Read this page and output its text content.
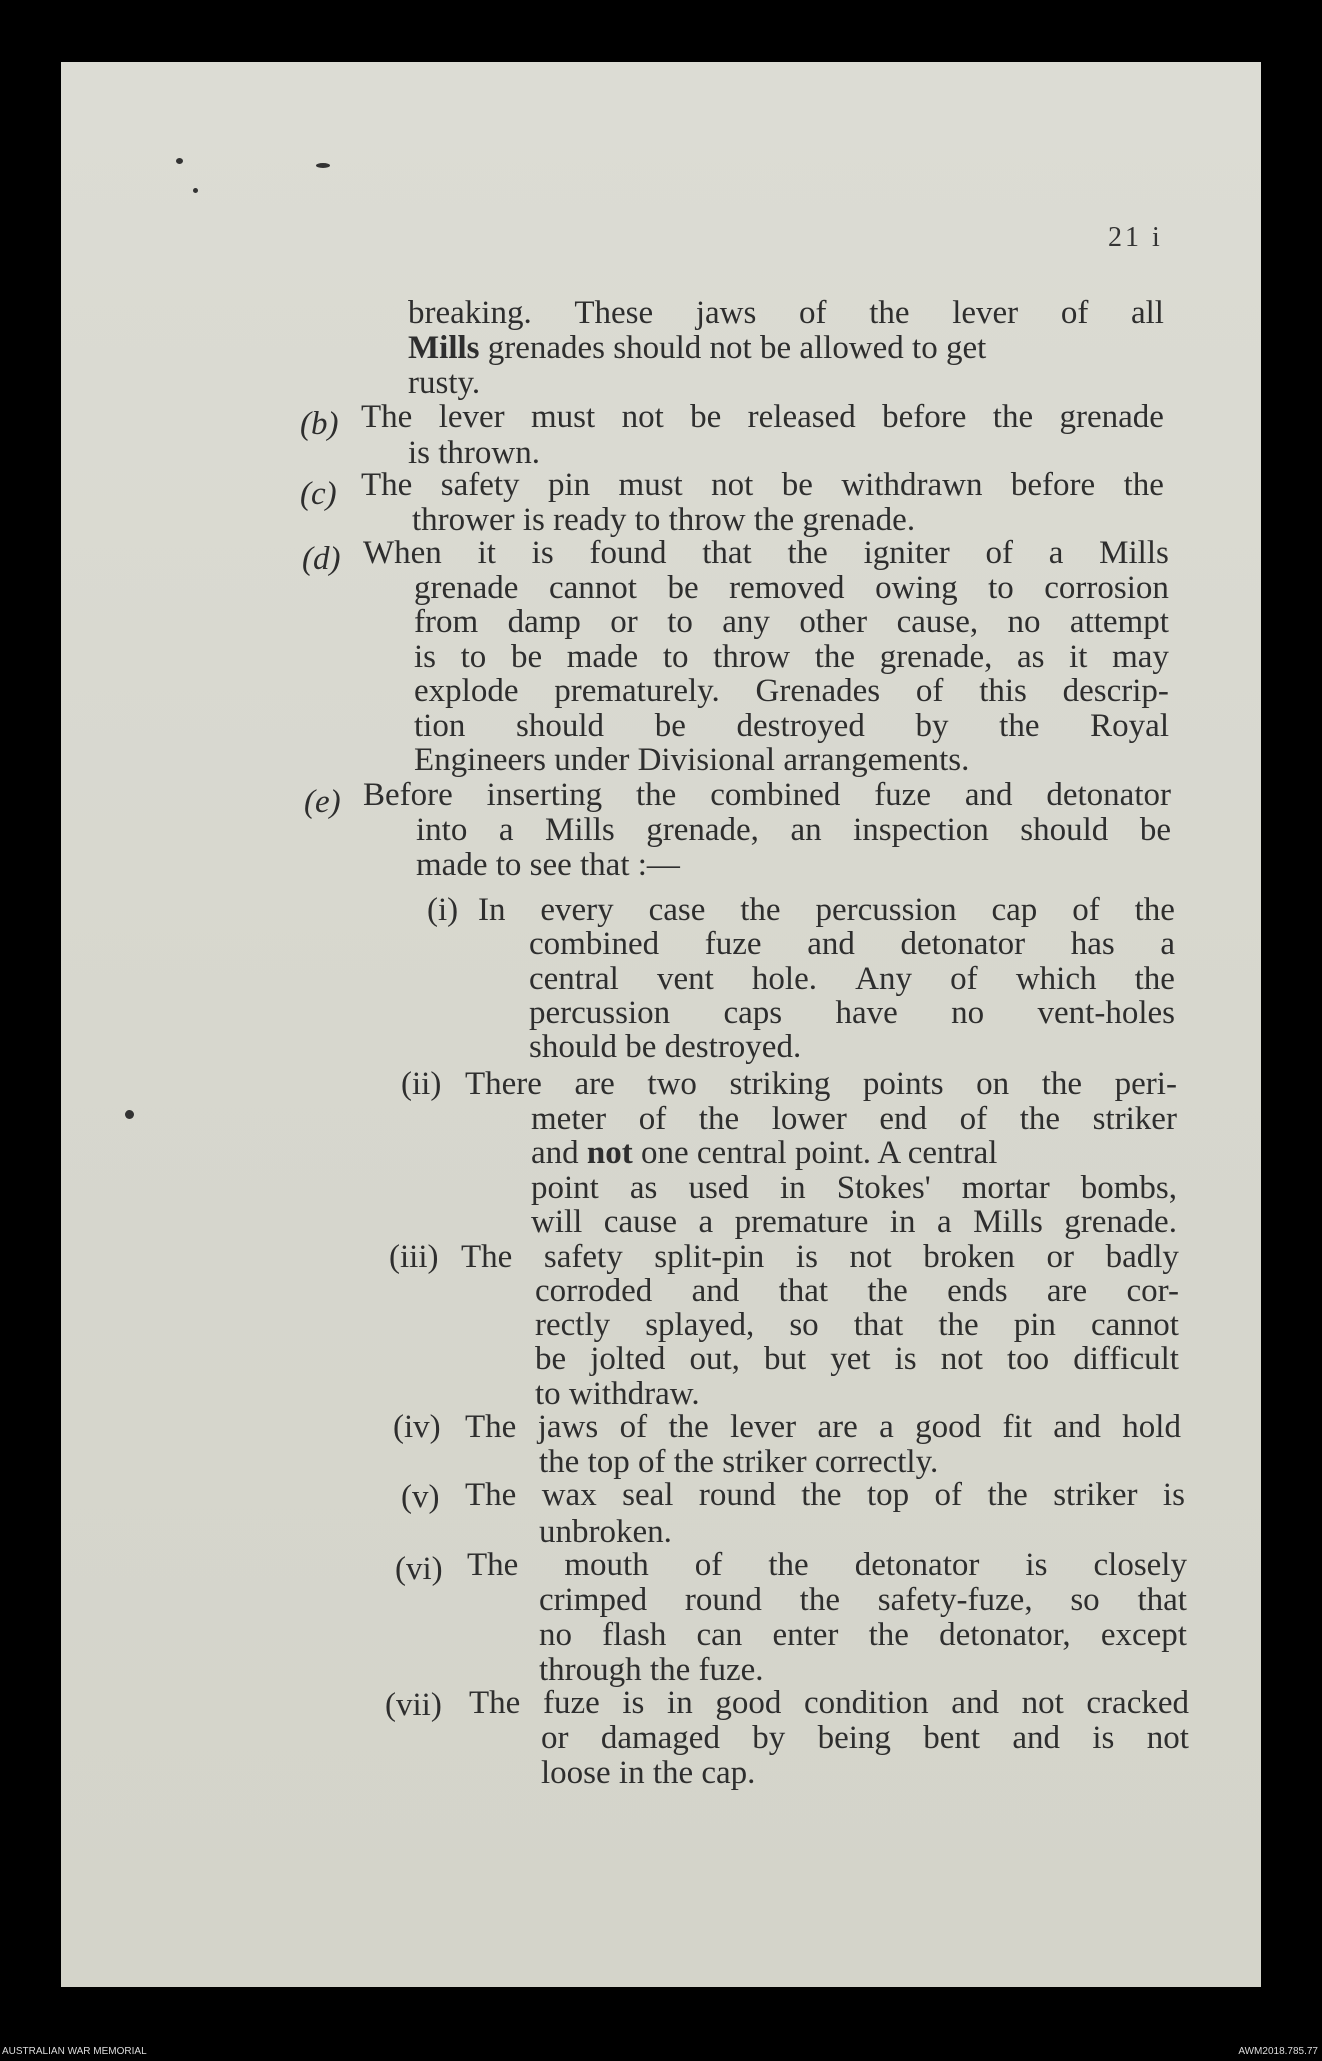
21 i
breaking. These jaws of the lever of all
Mills grenades should not be allowed to get
rusty.
(b) The lever must not be released before the grenade
is thrown.
(c) The safety pin must not be withdrawn before the
thrower is ready to throw the grenade.
(d) When it is found that the igniter of a Mills
grenade cannot be removed owing to corrosion
from damp or to any other cause, no attempt
is to be made to throw the grenade, as it may
explode prematurely. Grenades of this descrip-
tion should be destroyed by the Royal
Engineers under Divisional arrangements.
(e) Before inserting the combined fuze and detonator
into a Mills grenade, an inspection should be
made to see that :—
(i) In every case the percussion cap of the
combined fuze and detonator has a
central vent hole. Any of which the
percussion caps have no vent-holes
should be destroyed.
(ii) There are two striking points on the peri-
meter of the lower end of the striker
and not one central point. A central
point as used in Stokes' mortar bombs,
will cause a premature in a Mills grenade.
(iii) The safety split-pin is not broken or badly
corroded and that the ends are cor-
rectly splayed, so that the pin cannot
be jolted out, but yet is not too difficult
to withdraw.
(iv) The jaws of the lever are a good fit and hold
the top of the striker correctly.
(v) The wax seal round the top of the striker is
unbroken.
(vi) The mouth of the detonator is closely
crimped round the safety-fuze, so that
no flash can enter the detonator, except
through the fuze.
(vii) The fuze is in good condition and not cracked
or damaged by being bent and is not
loose in the cap.
AUSTRALIAN WAR MEMORIAL	AWM2018.785.77
